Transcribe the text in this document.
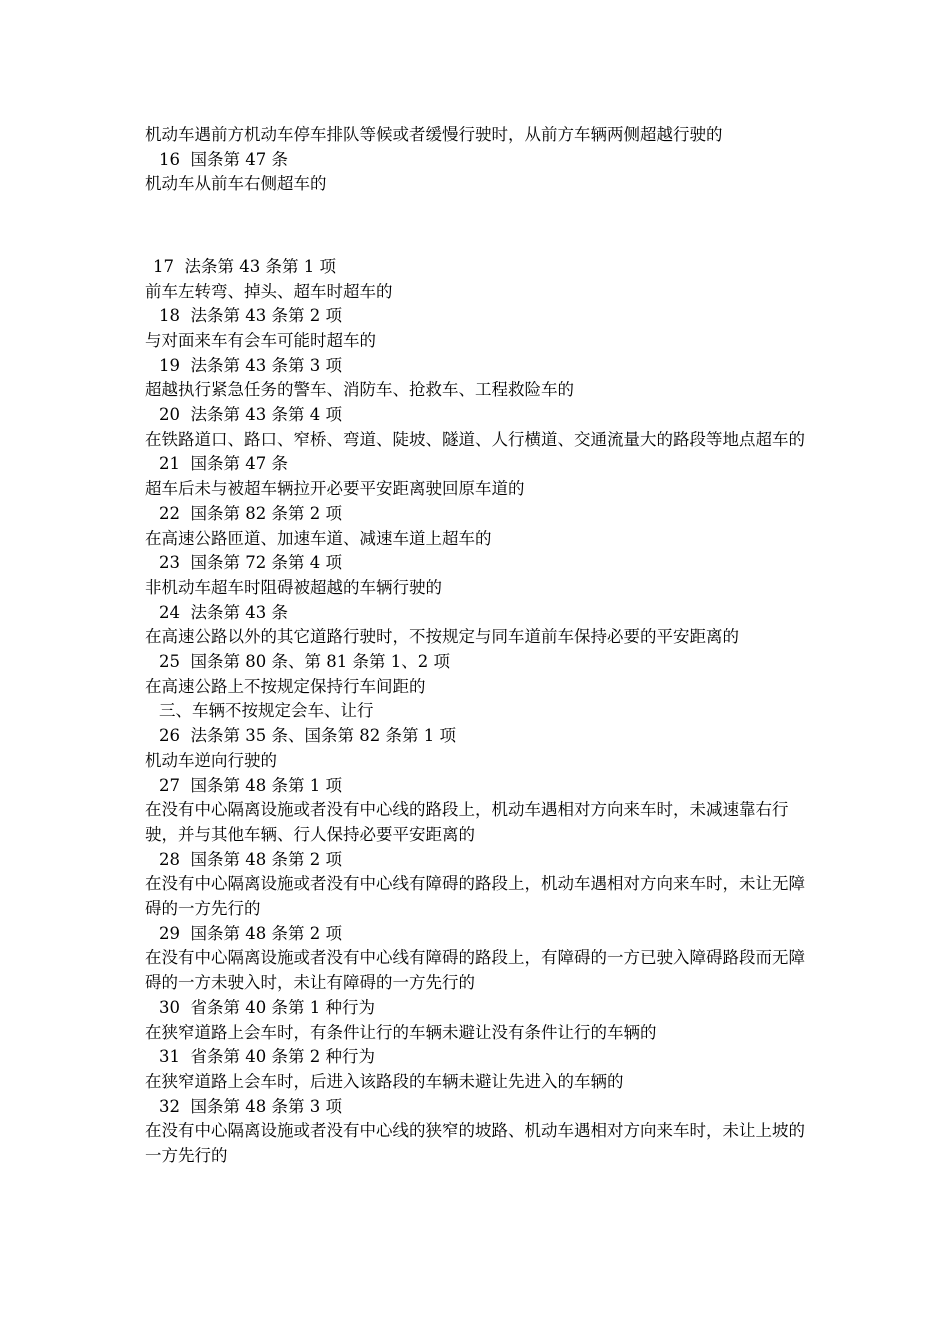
机动车遇前方机动车停车排队等候或者缓慢行驶时，从前方车辆两侧超越行驶的

16  国条第 47 条

机动车从前车右侧超车的

17  法条第 43 条第 1 项

前车左转弯、掉头、超车时超车的

18  法条第 43 条第 2 项

与对面来车有会车可能时超车的

19  法条第 43 条第 3 项

超越执行紧急任务的警车、消防车、抢救车、工程救险车的

20  法条第 43 条第 4 项

在铁路道口、路口、窄桥、弯道、陡坡、隧道、人行横道、交通流量大的路段等地点超车的

21  国条第 47 条

超车后未与被超车辆拉开必要平安距离驶回原车道的

22  国条第 82 条第 2 项

在高速公路匝道、加速车道、减速车道上超车的

23  国条第 72 条第 4 项

非机动车超车时阻碍被超越的车辆行驶的

24  法条第 43 条

在高速公路以外的其它道路行驶时，不按规定与同车道前车保持必要的平安距离的

25  国条第 80 条、第 81 条第 1、2 项

在高速公路上不按规定保持行车间距的

三、车辆不按规定会车、让行

26  法条第 35 条、国条第 82 条第 1 项

机动车逆向行驶的

27  国条第 48 条第 1 项

在没有中心隔离设施或者没有中心线的路段上，机动车遇相对方向来车时，未减速靠右行驶，并与其他车辆、行人保持必要平安距离的

28  国条第 48 条第 2 项

在没有中心隔离设施或者没有中心线有障碍的路段上，机动车遇相对方向来车时，未让无障碍的一方先行的

29  国条第 48 条第 2 项

在没有中心隔离设施或者没有中心线有障碍的路段上，有障碍的一方已驶入障碍路段而无障碍的一方未驶入时，未让有障碍的一方先行的

30  省条第 40 条第 1 种行为

在狭窄道路上会车时，有条件让行的车辆未避让没有条件让行的车辆的

31  省条第 40 条第 2 种行为

在狭窄道路上会车时，后进入该路段的车辆未避让先进入的车辆的

32  国条第 48 条第 3 项

在没有中心隔离设施或者没有中心线的狭窄的坡路、机动车遇相对方向来车时，未让上坡的一方先行的
